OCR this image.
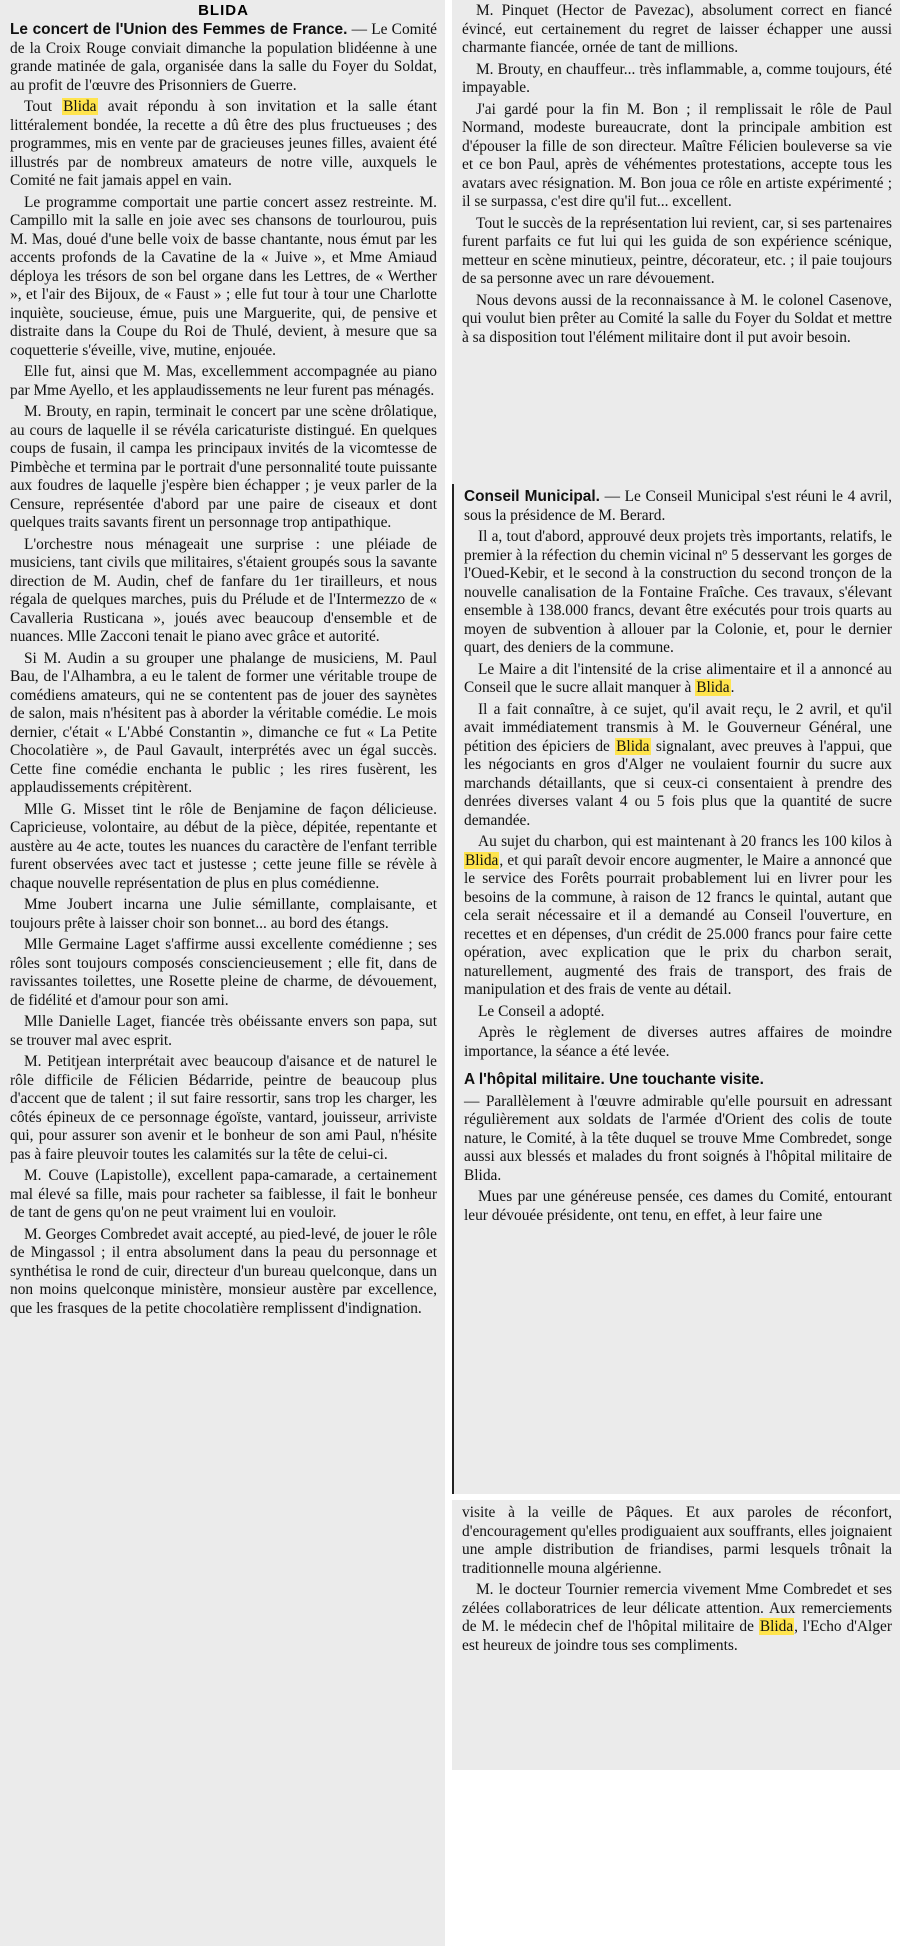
BLIDA

Le concert de l'Union des Femmes de France. — Le Comité de la Croix Rouge conviait dimanche la population blidéenne à une grande matinée de gala, organisée dans la salle du Foyer du Soldat, au profit de l'œuvre des Prisonniers de Guerre.

Tout Blida avait répondu à son invitation et la salle étant littéralement bondée, la recette a dû être des plus fructueuses ; des programmes, mis en vente par de gracieuses jeunes filles, avaient été illustrés par de nombreux amateurs de notre ville, auxquels le Comité ne fait jamais appel en vain.

Le programme comportait une partie concert assez restreinte. M. Campillo mit la salle en joie avec ses chansons de tourlourou, puis M. Mas, doué d'une belle voix de basse chantante, nous émut par les accents profonds de la Cavatine de la « Juive », et Mme Amiaud déploya les trésors de son bel organe dans les Lettres, de « Werther », et l'air des Bijoux, de « Faust » ; elle fut tour à tour une Charlotte inquiète, soucieuse, émue, puis une Marguerite, qui, de pensive et distraite dans la Coupe du Roi de Thulé, devient, à mesure que sa coquetterie s'éveille, vive, mutine, enjouée.

Elle fut, ainsi que M. Mas, excellemment accompagnée au piano par Mme Ayello, et les applaudissements ne leur furent pas ménagés.

M. Brouty, en rapin, terminait le concert par une scène drôlatique, au cours de laquelle il se révéla caricaturiste distingué. En quelques coups de fusain, il campa les principaux invités de la vicomtesse de Pimbèche et termina par le portrait d'une personnalité toute puissante aux foudres de laquelle j'espère bien échapper ; je veux parler de la Censure, représentée d'abord par une paire de ciseaux et dont quelques traits savants firent un personnage trop antipathique.

L'orchestre nous ménageait une surprise : une pléiade de musiciens, tant civils que militaires, s'étaient groupés sous la savante direction de M. Audin, chef de fanfare du 1er tirailleurs, et nous régala de quelques marches, puis du Prélude et de l'Intermezzo de « Cavalleria Rusticana », joués avec beaucoup d'ensemble et de nuances. Mlle Zacconi tenait le piano avec grâce et autorité.

Si M. Audin a su grouper une phalange de musiciens, M. Paul Bau, de l'Alhambra, a eu le talent de former une véritable troupe de comédiens amateurs, qui ne se contentent pas de jouer des saynètes de salon, mais n'hésitent pas à aborder la véritable comédie. Le mois dernier, c'était « L'Abbé Constantin », dimanche ce fut « La Petite Chocolatière », de Paul Gavault, interprétés avec un égal succès. Cette fine comédie enchanta le public ; les rires fusèrent, les applaudissements crépitèrent.

Mlle G. Misset tint le rôle de Benjamine de façon délicieuse. Capricieuse, volontaire, au début de la pièce, dépitée, repentante et austère au 4e acte, toutes les nuances du caractère de l'enfant terrible furent observées avec tact et justesse ; cette jeune fille se révèle à chaque nouvelle représentation de plus en plus comédienne.

Mme Joubert incarna une Julie sémillante, complaisante, et toujours prête à laisser choir son bonnet... au bord des étangs.

Mlle Germaine Laget s'affirme aussi excellente comédienne ; ses rôles sont toujours composés consciencieusement ; elle fit, dans de ravissantes toilettes, une Rosette pleine de charme, de dévouement, de fidélité et d'amour pour son ami.

Mlle Danielle Laget, fiancée très obéissante envers son papa, sut se trouver mal avec esprit.

M. Petitjean interprétait avec beaucoup d'aisance et de naturel le rôle difficile de Félicien Bédarride, peintre de beaucoup plus d'accent que de talent ; il sut faire ressortir, sans trop les charger, les côtés épineux de ce personnage égoïste, vantard, jouisseur, arriviste qui, pour assurer son avenir et le bonheur de son ami Paul, n'hésite pas à faire pleuvoir toutes les calamités sur la tête de celui-ci.

M. Couve (Lapistolle), excellent papa-camarade, a certainement mal élevé sa fille, mais pour racheter sa faiblesse, il fait le bonheur de tant de gens qu'on ne peut vraiment lui en vouloir.

M. Georges Combredet avait accepté, au pied-levé, de jouer le rôle de Mingassol ; il entra absolument dans la peau du personnage et synthétisa le rond de cuir, directeur d'un bureau quelconque, dans un non moins quelconque ministère, monsieur austère par excellence, que les frasques de la petite chocolatière remplissent d'indignation.

M. Pinquet (Hector de Pavezac), absolument correct en fiancé évincé, eut certainement du regret de laisser échapper une aussi charmante fiancée, ornée de tant de millions.

M. Brouty, en chauffeur... très inflammable, a, comme toujours, été impayable.

J'ai gardé pour la fin M. Bon ; il remplissait le rôle de Paul Normand, modeste bureaucrate, dont la principale ambition est d'épouser la fille de son directeur. Maître Félicien bouleverse sa vie et ce bon Paul, après de véhémentes protestations, accepte tous les avatars avec résignation. M. Bon joua ce rôle en artiste expérimenté ; il se surpassa, c'est dire qu'il fut... excellent.

Tout le succès de la représentation lui revient, car, si ses partenaires furent parfaits ce fut lui qui les guida de son expérience scénique, metteur en scène minutieux, peintre, décorateur, etc. ; il paie toujours de sa personne avec un rare dévouement.

Nous devons aussi de la reconnaissance à M. le colonel Casenove, qui voulut bien prêter au Comité la salle du Foyer du Soldat et mettre à sa disposition tout l'élément militaire dont il put avoir besoin.

Conseil Municipal. — Le Conseil Municipal s'est réuni le 4 avril, sous la présidence de M. Berard.

Il a, tout d'abord, approuvé deux projets très importants, relatifs, le premier à la réfection du chemin vicinal nº 5 desservant les gorges de l'Oued-Kebir, et le second à la construction du second tronçon de la nouvelle canalisation de la Fontaine Fraîche. Ces travaux, s'élevant ensemble à 138.000 francs, devant être exécutés pour trois quarts au moyen de subvention à allouer par la Colonie, et, pour le dernier quart, des deniers de la commune.

Le Maire a dit l'intensité de la crise alimentaire et il a annoncé au Conseil que le sucre allait manquer à Blida.

Il a fait connaître, à ce sujet, qu'il avait reçu, le 2 avril, et qu'il avait immédiatement transmis à M. le Gouverneur Général, une pétition des épiciers de Blida signalant, avec preuves à l'appui, que les négociants en gros d'Alger ne voulaient fournir du sucre aux marchands détaillants, que si ceux-ci consentaient à prendre des denrées diverses valant 4 ou 5 fois plus que la quantité de sucre demandée.

Au sujet du charbon, qui est maintenant à 20 francs les 100 kilos à Blida, et qui paraît devoir encore augmenter, le Maire a annoncé que le service des Forêts pourrait probablement lui en livrer pour les besoins de la commune, à raison de 12 francs le quintal, autant que cela serait nécessaire et il a demandé au Conseil l'ouverture, en recettes et en dépenses, d'un crédit de 25.000 francs pour faire cette opération, avec explication que le prix du charbon serait, naturellement, augmenté des frais de transport, des frais de manipulation et des frais de vente au détail.

Le Conseil a adopté.

Après le règlement de diverses autres affaires de moindre importance, la séance a été levée.

A l'hôpital militaire. Une touchante visite.

— Parallèlement à l'œuvre admirable qu'elle poursuit en adressant régulièrement aux soldats de l'armée d'Orient des colis de toute nature, le Comité, à la tête duquel se trouve Mme Combredet, songe aussi aux blessés et malades du front soignés à l'hôpital militaire de Blida.

Mues par une généreuse pensée, ces dames du Comité, entourant leur dévouée présidente, ont tenu, en effet, à leur faire une

visite à la veille de Pâques. Et aux paroles de réconfort, d'encouragement qu'elles prodiguaient aux souffrants, elles joignaient une ample distribution de friandises, parmi lesquels trônait la traditionnelle mouna algérienne.

M. le docteur Tournier remercia vivement Mme Combredet et ses zélées collaboratrices de leur délicate attention. Aux remerciements de M. le médecin chef de l'hôpital militaire de Blida, l'Echo d'Alger est heureux de joindre tous ses compliments.
